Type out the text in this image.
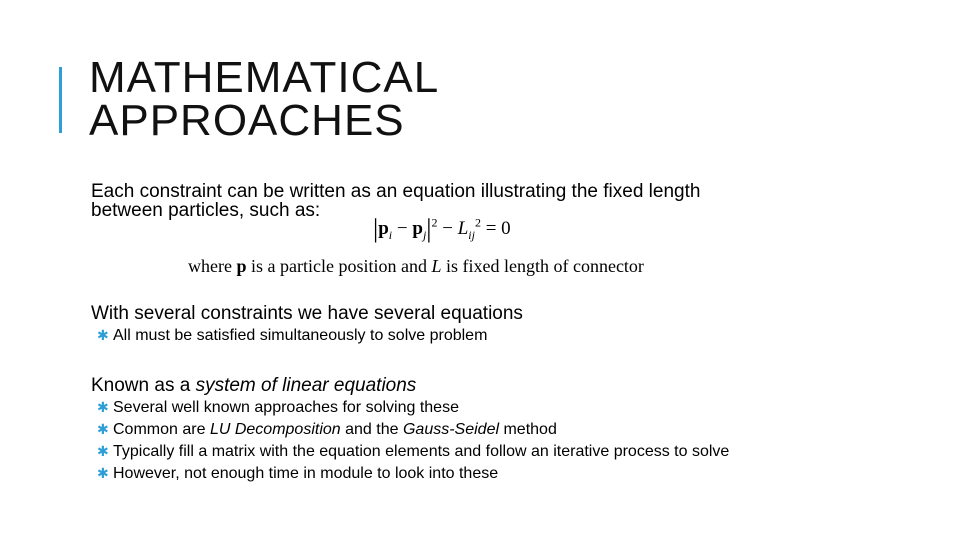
MATHEMATICAL
APPROACHES
Each constraint can be written as an equation illustrating the fixed length
between particles, such as:
$|p_i - p_j|^2 - L_{ij}^2 = 0$
where p is a particle position and L is fixed length of connector
With several constraints we have several equations
✱ All must be satisfied simultaneously to solve problem
Known as a system of linear equations
✱ Several well known approaches for solving these
✱ Common are LU Decomposition and the Gauss-Seidel method
✱ Typically fill a matrix with the equation elements and follow an iterative process to solve
✱ However, not enough time in module to look into these
